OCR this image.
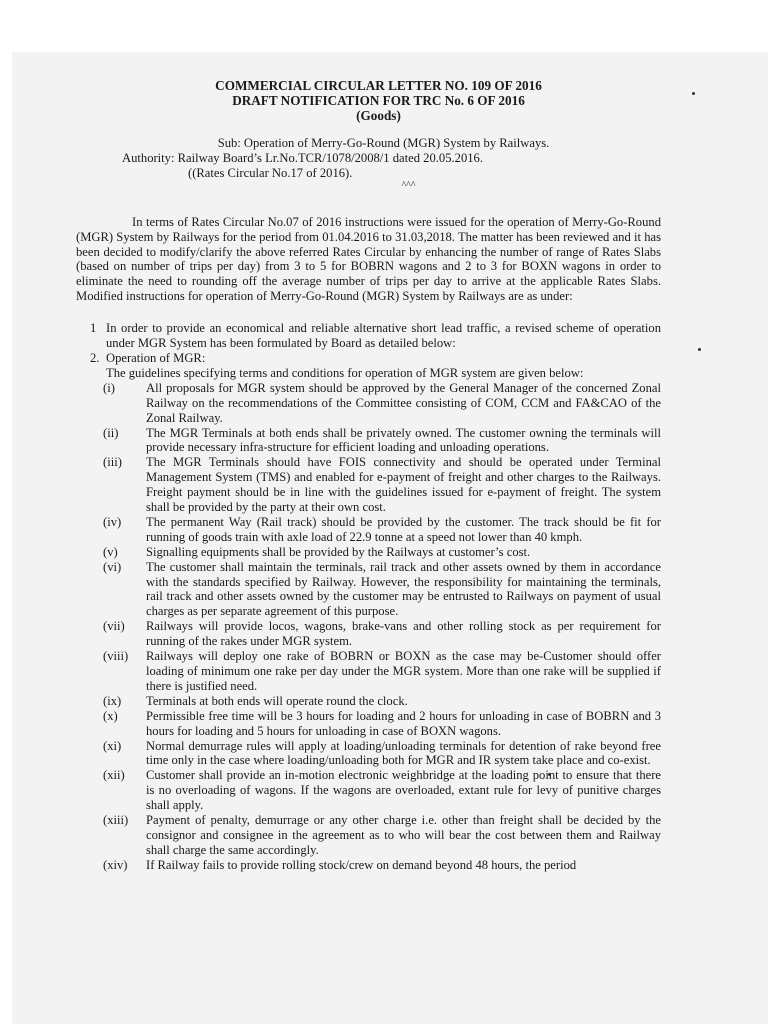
COMMERCIAL CIRCULAR LETTER NO. 109 OF 2016

DRAFT NOTIFICATION FOR TRC No. 6 OF 2016

(Goods)

Sub: Operation of Merry-Go-Round (MGR) System by Railways.
Authority: Railway Board’s Lr.No.TCR/1078/2008/1 dated 20.05.2016.
((Rates Circular No.17 of 2016).
^^^
In terms of Rates Circular No.07 of 2016 instructions were issued for the operation of Merry-Go-Round (MGR) System by Railways for the period from 01.04.2016 to 31.03,2018. The matter has been reviewed and it has been decided to modify/clarify the above referred Rates Circular by enhancing the number of range of Rates Slabs (based on number of trips per day) from 3 to 5 for BOBRN wagons and 2 to 3 for BOXN wagons in order to eliminate the need to rounding off the average number of trips per day to arrive at the applicable Rates Slabs. Modified instructions for operation of Merry-Go-Round (MGR) System by Railways are as under:
1 In order to provide an economical and reliable alternative short lead traffic, a revised scheme of operation under MGR System has been formulated by Board as detailed below:
2. Operation of MGR:
The guidelines specifying terms and conditions for operation of MGR system are given below:
(i) All proposals for MGR system should be approved by the General Manager of the concerned Zonal Railway on the recommendations of the Committee consisting of COM, CCM and FA&CAO of the Zonal Railway.
(ii) The MGR Terminals at both ends shall be privately owned. The customer owning the terminals will provide necessary infra-structure for efficient loading and unloading operations.
(iii) The MGR Terminals should have FOIS connectivity and should be operated under Terminal Management System (TMS) and enabled for e-payment of freight and other charges to the Railways. Freight payment should be in line with the guidelines issued for e-payment of freight. The system shall be provided by the party at their own cost.
(iv) The permanent Way (Rail track) should be provided by the customer. The track should be fit for running of goods train with axle load of 22.9 tonne at a speed not lower than 40 kmph.
(v) Signalling equipments shall be provided by the Railways at customer’s cost.
(vi) The customer shall maintain the terminals, rail track and other assets owned by them in accordance with the standards specified by Railway. However, the responsibility for maintaining the terminals, rail track and other assets owned by the customer may be entrusted to Railways on payment of usual charges as per separate agreement of this purpose.
(vii) Railways will provide locos, wagons, brake-vans and other rolling stock as per requirement for running of the rakes under MGR system.
(viii) Railways will deploy one rake of BOBRN or BOXN as the case may be-Customer should offer loading of minimum one rake per day under the MGR system. More than one rake will be supplied if there is justified need.
(ix) Terminals at both ends will operate round the clock.
(x) Permissible free time will be 3 hours for loading and 2 hours for unloading in case of BOBRN and 3 hours for loading and 5 hours for unloading in case of BOXN wagons.
(xi) Normal demurrage rules will apply at loading/unloading terminals for detention of rake beyond free time only in the case where loading/unloading both for MGR and IR system take place and co-exist.
(xii) Customer shall provide an in-motion electronic weighbridge at the loading point to ensure that there is no overloading of wagons. If the wagons are overloaded, extant rule for levy of punitive charges shall apply.
(xiii) Payment of penalty, demurrage or any other charge i.e. other than freight shall be decided by the consignor and consignee in the agreement as to who will bear the cost between them and Railway shall charge the same accordingly.
(xiv) If Railway fails to provide rolling stock/crew on demand beyond 48 hours, the period
